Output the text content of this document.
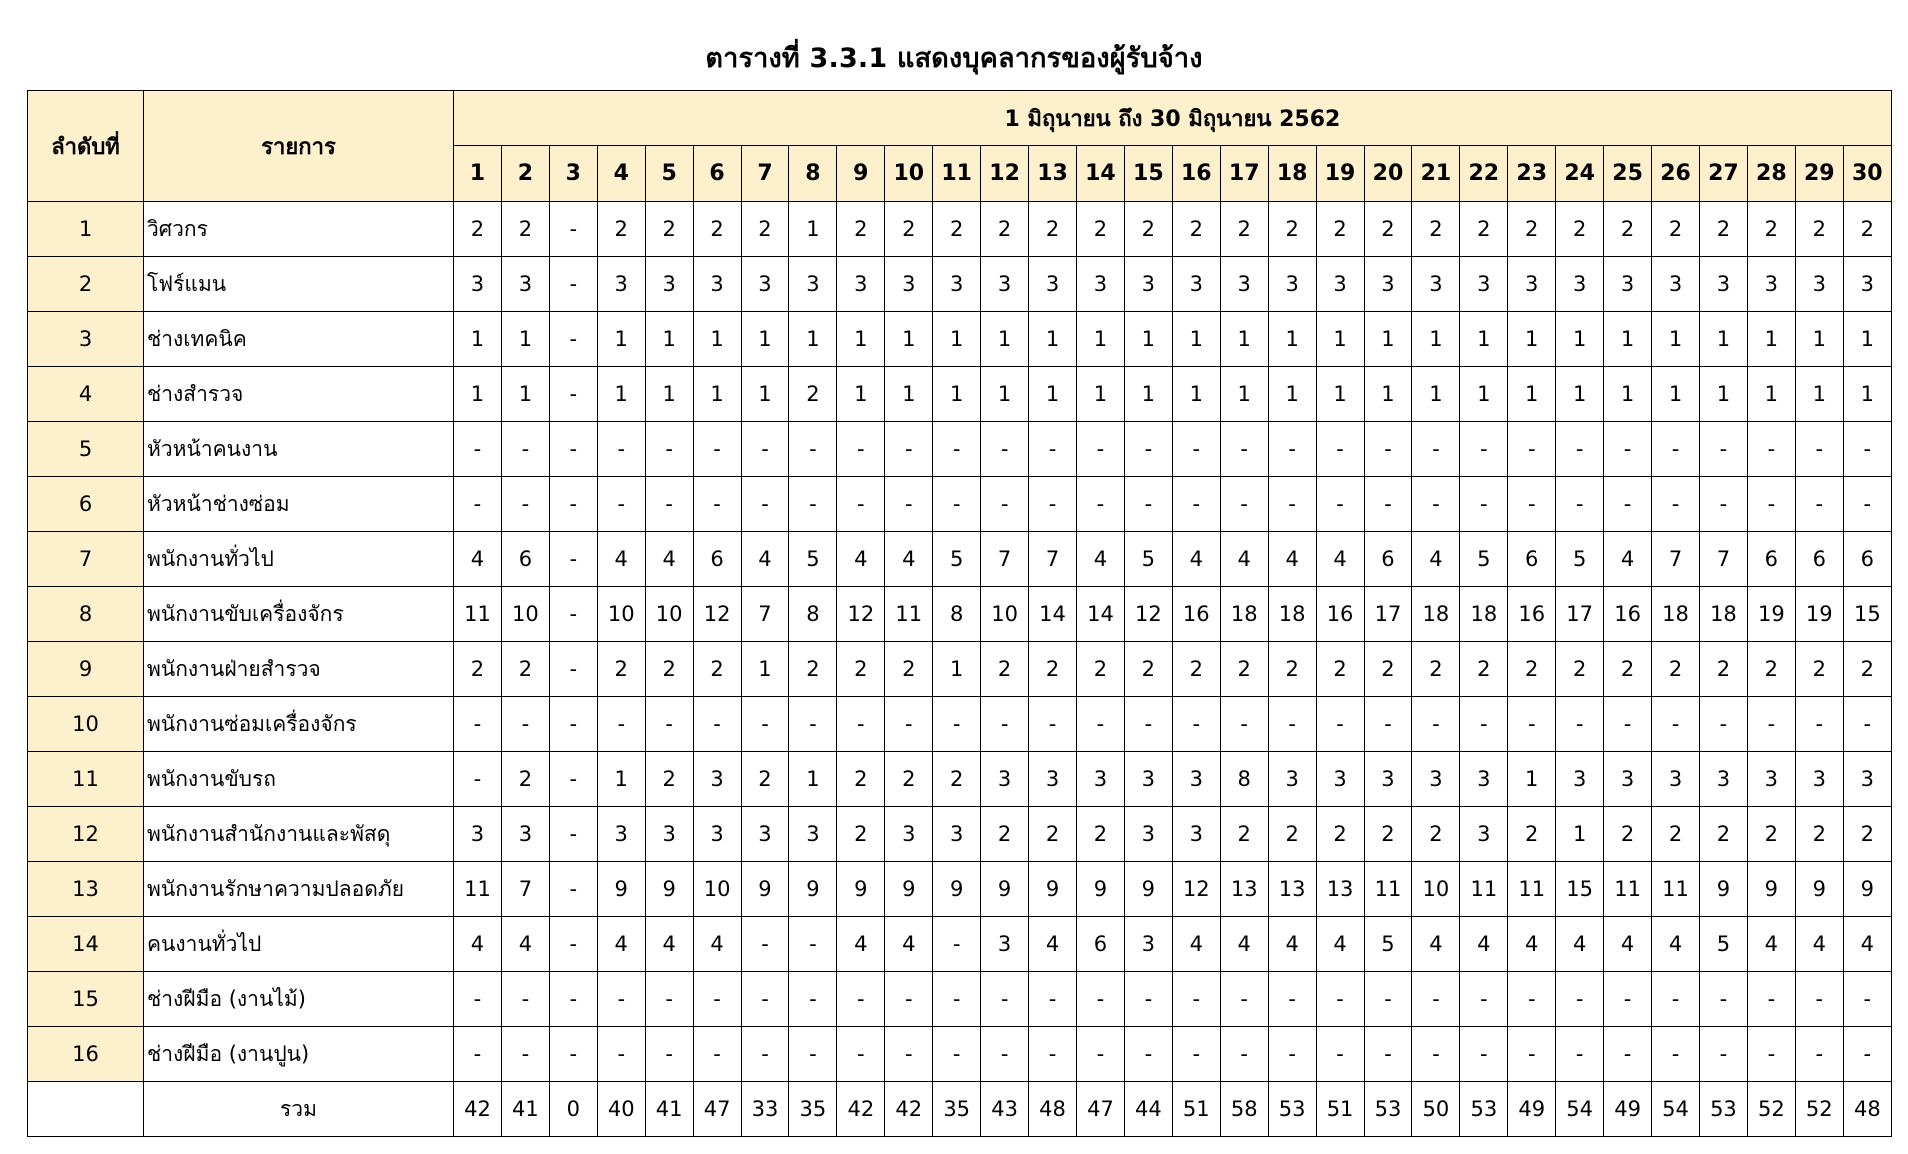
ตารางที่ 3.3.1 แสดงบุคลากรของผู้รับจ้าง
ลำดับที่	รายการ	1 มิถุนายน ถึง 30 มิถุนายน 2562																													
		1	2	3	4	5	6	7	8	9	10	11	12	13	14	15	16	17	18	19	20	21	22	23	24	25	26	27	28	29	30
1	วิศวกร	2	2	-	2	2	2	2	1	2	2	2	2	2	2	2	2	2	2	2	2	2	2	2	2	2	2	2	2	2	2
2	โฟร์แมน	3	3	-	3	3	3	3	3	3	3	3	3	3	3	3	3	3	3	3	3	3	3	3	3	3	3	3	3	3	3
3	ช่างเทคนิค	1	1	-	1	1	1	1	1	1	1	1	1	1	1	1	1	1	1	1	1	1	1	1	1	1	1	1	1	1	1
4	ช่างสำรวจ	1	1	-	1	1	1	1	2	1	1	1	1	1	1	1	1	1	1	1	1	1	1	1	1	1	1	1	1	1	1
5	หัวหน้าคนงาน	-	-	-	-	-	-	-	-	-	-	-	-	-	-	-	-	-	-	-	-	-	-	-	-	-	-	-	-	-	-
6	หัวหน้าช่างซ่อม	-	-	-	-	-	-	-	-	-	-	-	-	-	-	-	-	-	-	-	-	-	-	-	-	-	-	-	-	-	-
7	พนักงานทั่วไป	4	6	-	4	4	6	4	5	4	4	5	7	7	4	5	4	4	4	4	6	4	5	6	5	4	7	7	6	6	6
8	พนักงานขับเครื่องจักร	11	10	-	10	10	12	7	8	12	11	8	10	14	14	12	16	18	18	16	17	18	18	16	17	16	18	18	19	19	15
9	พนักงานฝ่ายสำรวจ	2	2	-	2	2	2	1	2	2	2	1	2	2	2	2	2	2	2	2	2	2	2	2	2	2	2	2	2	2	2
10	พนักงานซ่อมเครื่องจักร	-	-	-	-	-	-	-	-	-	-	-	-	-	-	-	-	-	-	-	-	-	-	-	-	-	-	-	-	-	-
11	พนักงานขับรถ	-	2	-	1	2	3	2	1	2	2	2	3	3	3	3	3	8	3	3	3	3	3	1	3	3	3	3	3	3	3
12	พนักงานสำนักงานและพัสดุ	3	3	-	3	3	3	3	3	2	3	3	2	2	2	3	3	2	2	2	2	2	3	2	1	2	2	2	2	2	2
13	พนักงานรักษาความปลอดภัย	11	7	-	9	9	10	9	9	9	9	9	9	9	9	9	12	13	13	13	11	10	11	11	15	11	11	9	9	9	9
14	คนงานทั่วไป	4	4	-	4	4	4	-	-	4	4	-	3	4	6	3	4	4	4	4	5	4	4	4	4	4	4	5	4	4	4
15	ช่างฝีมือ (งานไม้)	-	-	-	-	-	-	-	-	-	-	-	-	-	-	-	-	-	-	-	-	-	-	-	-	-	-	-	-	-	-
16	ช่างฝีมือ (งานปูน)	-	-	-	-	-	-	-	-	-	-	-	-	-	-	-	-	-	-	-	-	-	-	-	-	-	-	-	-	-	-
	รวม	42	41	0	40	41	47	33	35	42	42	35	43	48	47	44	51	58	53	51	53	50	53	49	54	49	54	53	52	52	48
